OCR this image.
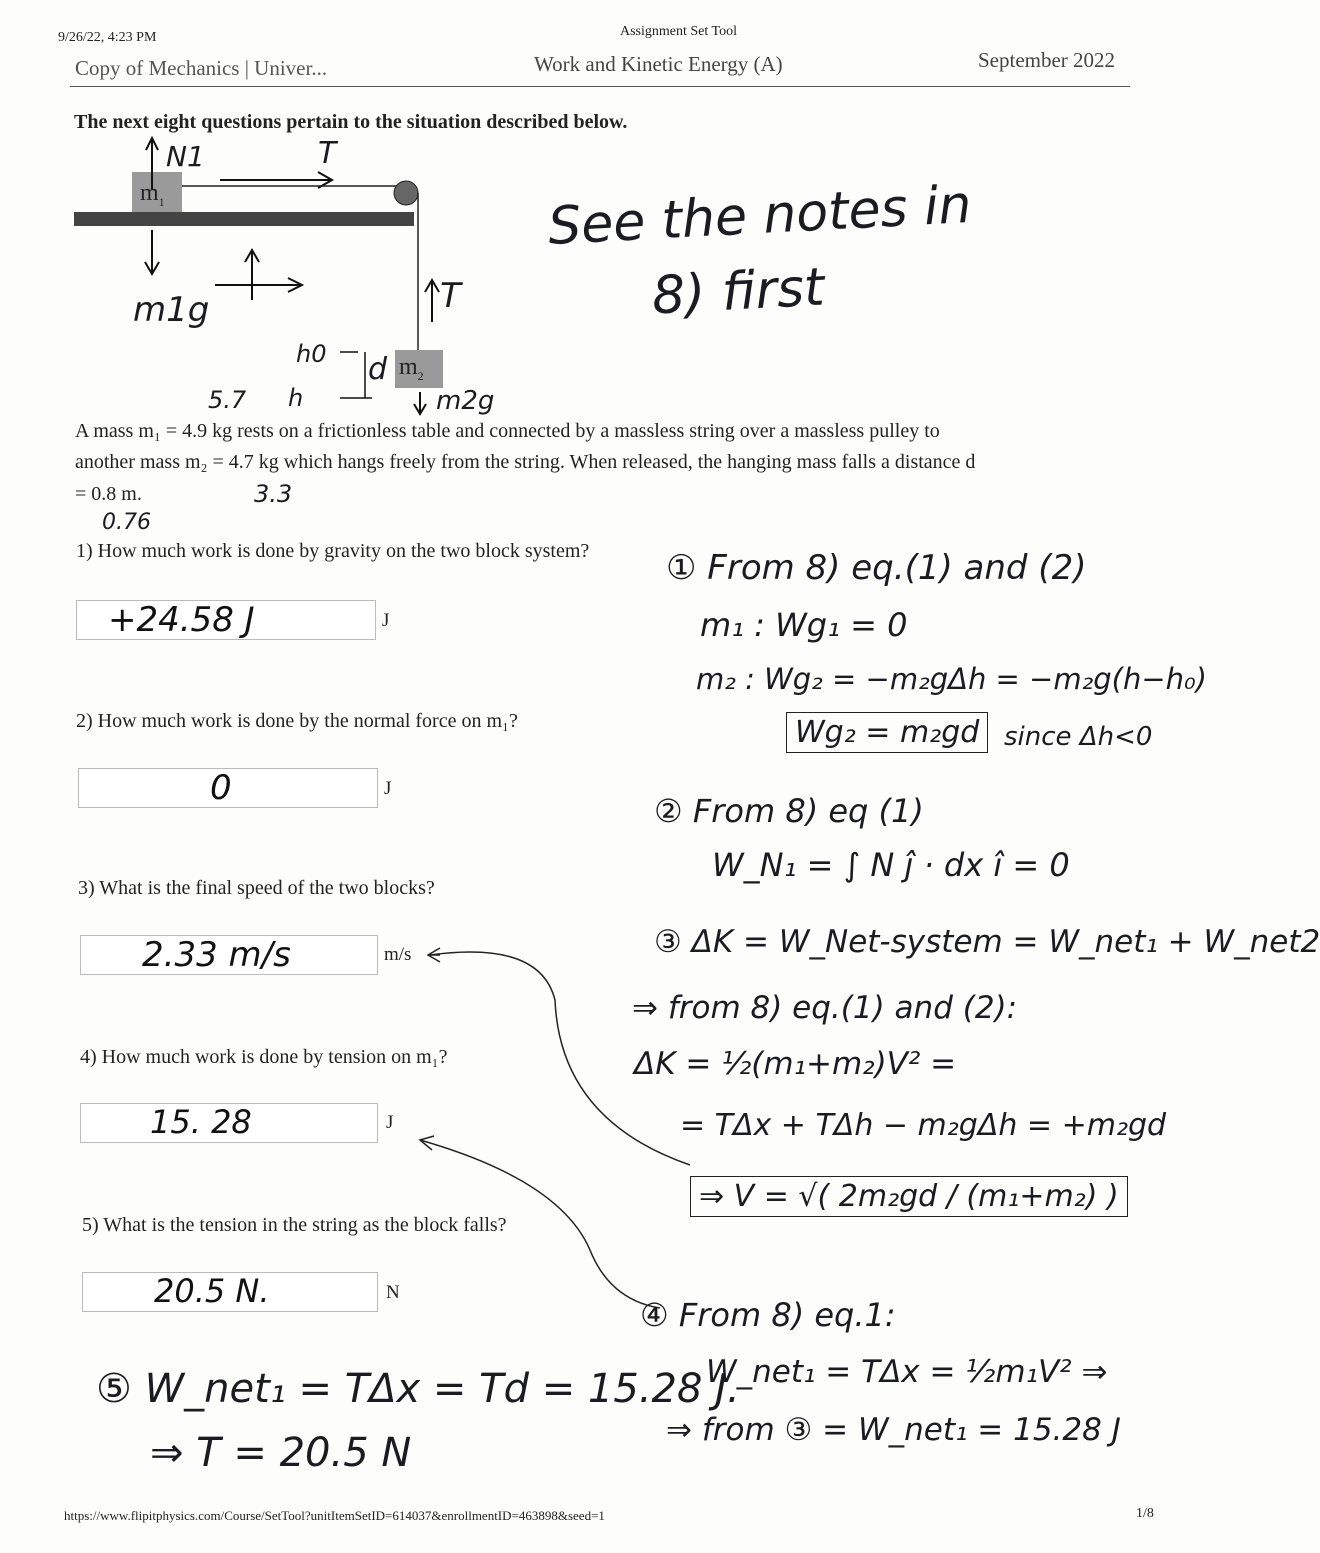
9/26/22, 4:23 PM	Assignment Set Tool
Copy of Mechanics | Univer...	Work and Kinetic Energy (A)	September 2022
The next eight questions pertain to the situation described below.
$m_1$
$m_2$
N1	T
T
m1g
h0
h
d
m2g
See the notes in
8) first
5.7
A mass m₁ = 4.9 kg rests on a frictionless table and connected by a massless string over a massless pulley to
another mass m₂ = 4.7 kg which hangs freely from the string. When released, the hanging mass falls a distance d
= 0.8 m.	3.3
0.76
1) How much work is done by gravity on the two block system?
+24.58 J	J
2) How much work is done by the normal force on m₁?
0	J
3) What is the final speed of the two blocks?
2.33 m/s	m/s
4) How much work is done by tension on m₁?
15. 28	J
5) What is the tension in the string as the block falls?
20.5 N.	N
① From 8) eq.(1) and (2)
m₁ : Wg₁ = 0
m₂ : Wg₂ = −m₂gΔh = −m₂g(h−h₀)
Wg₂ = m₂gd since Δh<0
② From 8) eq (1)
W_N₁ = ∫ N ĵ · dx î = 0
③ ΔK = W_Net-system = W_net₁ + W_net2
⇒ from 8) eq.(1) and (2):
ΔK = ½(m₁+m₂)V² =
= TΔx + TΔh − m₂gΔh = +m₂gd
⇒ V = √( 2m₂gd / (m₁+m₂) )
④ From 8) eq.1:
W_net₁ = TΔx = ½m₁V² ⇒
⇒ from ③ = W_net₁ = 15.28 J
⑤ W_net₁ = TΔx = Td = 15.28 J.
⇒ T = 20.5 N
https://www.flipitphysics.com/Course/SetTool?unitItemSetID=614037&enrollmentID=463898&seed=1	1/8
